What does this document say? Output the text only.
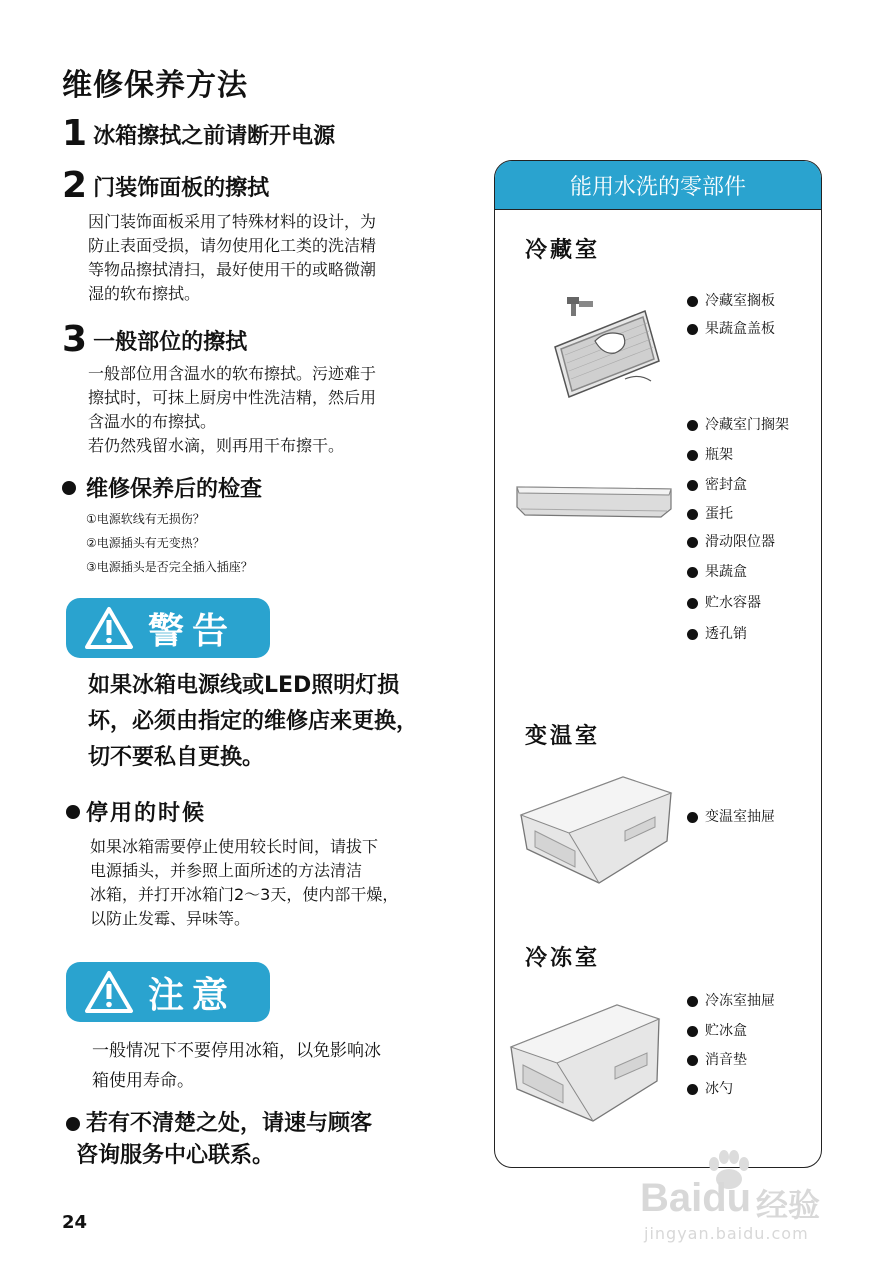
维修保养方法
1 冰箱擦拭之前请断开电源
2 门装饰面板的擦拭
因门装饰面板采用了特殊材料的设计，为
防止表面受损，请勿使用化工类的洗洁精
等物品擦拭清扫，最好使用干的或略微潮
湿的软布擦拭。
3 一般部位的擦拭
一般部位用含温水的软布擦拭。污迹难于
擦拭时，可抹上厨房中性洗洁精，然后用
含温水的布擦拭。
若仍然残留水滴，则再用干布擦干。
维修保养后的检查
①电源软线有无损伤？
②电源插头有无变热？
③电源插头是否完全插入插座？
警告
如果冰箱电源线或LED照明灯损
坏，必须由指定的维修店来更换，
切不要私自更换。
停用的时候
如果冰箱需要停止使用较长时间，请拔下
电源插头，并参照上面所述的方法清洁
冰箱，并打开冰箱门2～3天，使内部干燥，
以防止发霉、异味等。
注意
一般情况下不要停用冰箱，以免影响冰
箱使用寿命。
若有不清楚之处，请速与顾客
咨询服务中心联系。
能用水洗的零部件
冷藏室
冷藏室搁板
果蔬盒盖板
冷藏室门搁架
瓶架
密封盒
蛋托
滑动限位器
果蔬盒
贮水容器
透孔销
变温室
变温室抽屉
冷冻室
冷冻室抽屉
贮冰盒
消音垫
冰勺
24
Baidu 经验
jingyan.baidu.com
